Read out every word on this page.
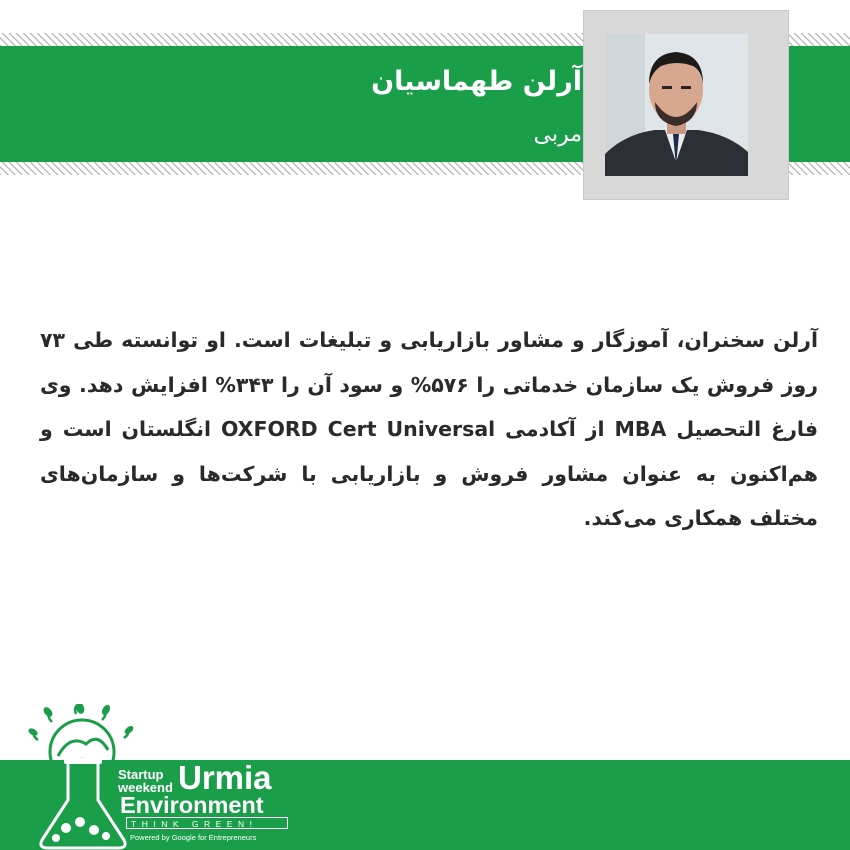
آرلن طهماسیان
مربی

آرلن سخنران، آموزگار و مشاور بازاریابی و تبلیغات است. او توانسته طی ۷۳ روز فروش یک سازمان خدماتی را ۵۷۶% و سود آن را ۳۴۳% افزایش دهد. وی فارغ التحصیل MBA از آکادمی OXFORD Cert Universal انگلستان است و هم‌اکنون به عنوان مشاور فروش و بازاریابی با شرکت‌ها و سازمان‌های مختلف همکاری می‌کند.

Startup
weekend Urmia
Environment
THINK GREEN!
Powered by Google for Entrepreneurs
